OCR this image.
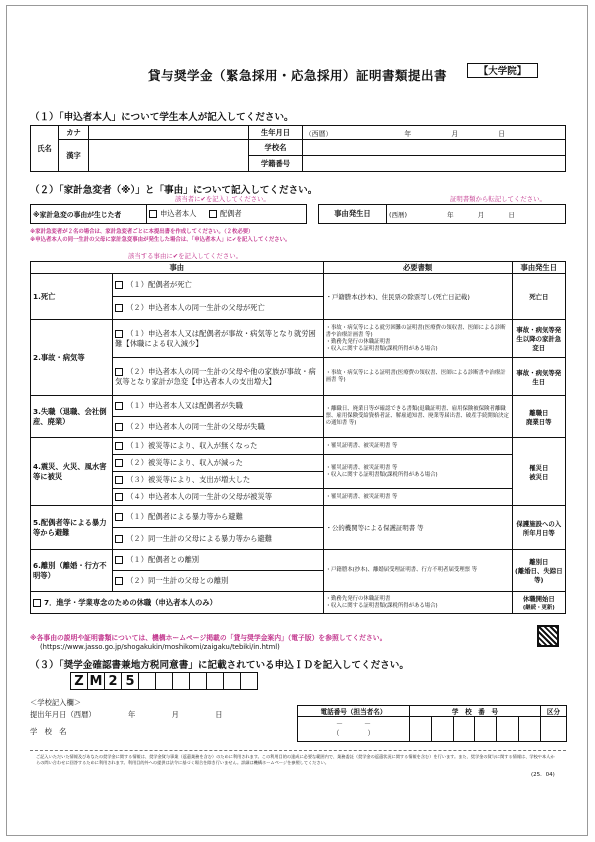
貸与奨学金（緊急採用・応急採用）証明書類提出書	【大学院】
（１）「申込者本人」について学生本人が記入してください。
氏名	カナ		生年月日	（西暦） 年 月 日
	漢字		学校名	
			学籍番号	
（２）「家計急変者（※）」と「事由」について記入してください。
該当者に✔を記入してください。	証明書類から転記してください。
※家計急変の事由が生じた者	申込者本人	配偶者	事由発生日	(西暦)	年	月	日
※家計急変者が２名の場合は、家計急変者ごとに本提出書を作成してください。（２枚必要）
※申込者本人の同一生計の父母に家計急変事由が発生した場合は、「申込者本人」に✔を記入してください。
該当する事由に✔を記入してください。
事由		必要書類	事由発生日
1.死亡	（１）配偶者が死亡	・戸籍謄本(抄本)、住民票の除票写し(死亡日記載)	死亡日
	（２）申込者本人の同一生計の父母が死亡		
2.事故・病気等	（１）申込者本人又は配偶者が事故・病気等となり就労困難【休職による収入減少】	・事故・病気等による就労困難の証明書(医療費の領収書、医師による診断書や治療計画書 等)
・勤務先発行の休職証明書
・収入に関する証明書類(課税所得がある場合)	事故・病気等発生以降の家計急変日
	（２）申込者本人の同一生計の父母や他の家族が事故・病気等となり家計が急変【申込者本人の支出増大】	・事故・病気等による証明書(医療費の領収書、医師による診断書や治療計画書 等)	事故・病気等発生日
3.失職（退職、会社倒産、廃業）	（１）申込者本人又は配偶者が失職	・離職日、廃業日等が確認できる書類(退職証明書、雇用保険被保険者離職票、雇用保険受給資格者証、解雇通知書、廃業等届出書、破産手続開始決定の通知書 等)	離職日
廃業日等
	（２）申込者本人の同一生計の父母が失職		
4.震災、火災、風水害等に被災	（１）被災等により、収入が無くなった	・罹災証明書、被災証明書 等	罹災日
被災日
	（２）被災等により、収入が減った	・罹災証明書、被災証明書 等
・収入に関する証明書類(課税所得がある場合)	
	（３）被災等により、支出が増大した		
	（４）申込者本人の同一生計の父母が被災等	・罹災証明書、被災証明書 等	
5.配偶者等による暴力等から避難	（１）配偶者による暴力等から避難	・公的機関等による保護証明書 等	保護施設への入所年月日等
	（２）同一生計の父母による暴力等から避難		
6.離別（離婚・行方不明等）	（１）配偶者との離別	・戸籍謄本(抄本)、離婚届受理証明書、行方不明者届受理票 等	離別日
(離婚日、失踪日等)
	（２）同一生計の父母との離別		
7．進学・学業専念のための休職（申込者本人のみ）		・勤務先発行の休職証明書
・収入に関する証明書類(課税所得がある場合)	休職開始日
(継続・更新)
※各事由の説明や証明書類については、機構ホームページ掲載の「貸与奨学金案内」（電子版）を参照してください。
(https://www.jasso.go.jp/shogakukin/moshikomi/zaigaku/tebiki/in.html)
（３）「奨学金確認書兼地方税同意書」に記載されている申込ＩＤを記入してください。
Z M 2 5
＜学校記入欄＞
提出年月日（西暦）	年	月	日
学　校　名
電話番号（担当者名）	学　校　番　号						区分
－　　　－
（　　　　）							
ご記入いただいた情報及びあなたの奨学金に関する情報は、奨学金貸与事業（返還業務を含む）のために利用されます。この利用目的の達成に必要な範囲内で、業務委託（奨学金の返還状況に関する情報を含む）を行います。また、奨学金の貸与に関する情報は、学校や本人からの問い合わせに回答するために利用されます。利用目的外への提供は法令に基づく場合を除き行いません。詳細は機構ホームページを参照してください。
(25．04)
